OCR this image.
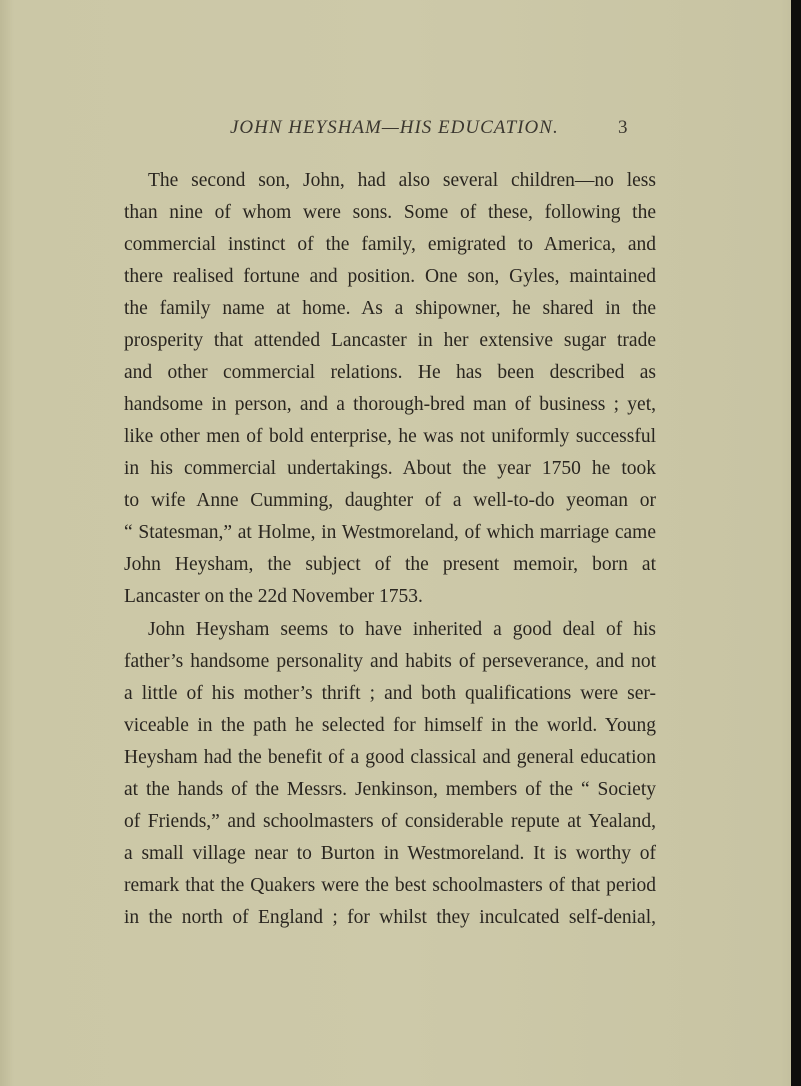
JOHN HEYSHAM—HIS EDUCATION.	3
The second son, John, had also several children—no less
than nine of whom were sons. Some of these, following the
commercial instinct of the family, emigrated to America, and
there realised fortune and position. One son, Gyles, maintained
the family name at home. As a shipowner, he shared in the
prosperity that attended Lancaster in her extensive sugar trade
and other commercial relations. He has been described as
handsome in person, and a thorough-bred man of business ; yet,
like other men of bold enterprise, he was not uniformly successful
in his commercial undertakings. About the year 1750 he took
to wife Anne Cumming, daughter of a well-to-do yeoman or
“ Statesman,” at Holme, in Westmoreland, of which marriage came
John Heysham, the subject of the present memoir, born at
Lancaster on the 22d November 1753.
John Heysham seems to have inherited a good deal of his
father’s handsome personality and habits of perseverance, and not
a little of his mother’s thrift ; and both qualifications were ser-
viceable in the path he selected for himself in the world. Young
Heysham had the benefit of a good classical and general education
at the hands of the Messrs. Jenkinson, members of the “ Society
of Friends,” and schoolmasters of considerable repute at Yealand,
a small village near to Burton in Westmoreland. It is worthy of
remark that the Quakers were the best schoolmasters of that period
in the north of England ; for whilst they inculcated self-denial,
